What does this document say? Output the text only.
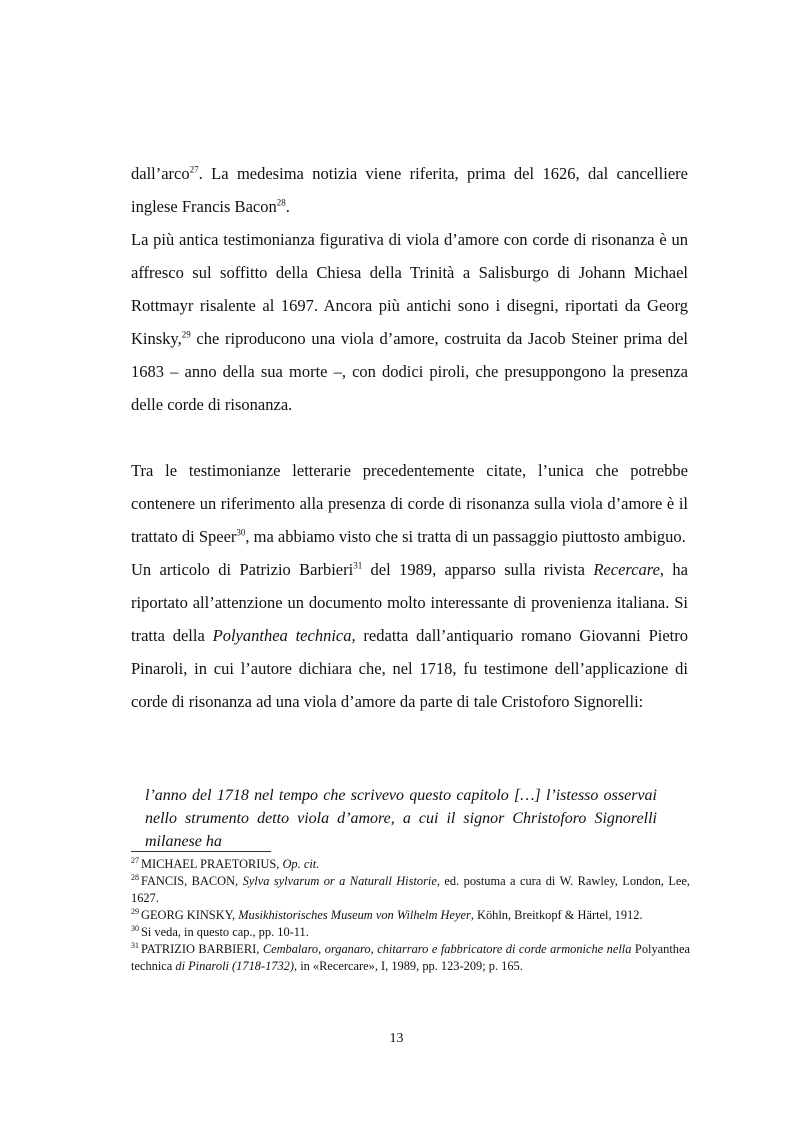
dall’arco$^{27}$. La medesima notizia viene riferita, prima del 1626, dal cancelliere inglese Francis Bacon$^{28}$.

La più antica testimonianza figurativa di viola d’amore con corde di risonanza è un affresco sul soffitto della Chiesa della Trinità a Salisburgo di Johann Michael Rottmayr risalente al 1697. Ancora più antichi sono i disegni, riportati da Georg Kinsky,$^{29}$ che riproducono una viola d’amore, costruita da Jacob Steiner prima del 1683 – anno della sua morte –, con dodici piroli, che presuppongono la presenza delle corde di risonanza.

Tra le testimonianze letterarie precedentemente citate, l’unica che potrebbe contenere un riferimento alla presenza di corde di risonanza sulla viola d’amore è il trattato di Speer$^{30}$, ma abbiamo visto che si tratta di un passaggio piuttosto ambiguo.

Un articolo di Patrizio Barbieri$^{31}$ del 1989, apparso sulla rivista Recercare, ha riportato all’attenzione un documento molto interessante di provenienza italiana. Si tratta della Polyanthea technica, redatta dall’antiquario romano Giovanni Pietro Pinaroli, in cui l’autore dichiara che, nel 1718, fu testimone dell’applicazione di corde di risonanza ad una viola d’amore da parte di tale Cristoforo Signorelli:

l’anno del 1718 nel tempo che scrivevo questo capitolo […] l’istesso osservai nello strumento detto viola d’amore, a cui il signor Christoforo Signorelli milanese ha

$^{27}$ MICHAEL PRAETORIUS, Op. cit.

$^{28}$ FANCIS, BACON, Sylva sylvarum or a Naturall Historie, ed. postuma a cura di W. Rawley, London, Lee, 1627.

$^{29}$ GEORG KINSKY, Musikhistorisches Museum von Wilhelm Heyer, Köhln, Breitkopf & Härtel, 1912.

$^{30}$ Si veda, in questo cap., pp. 10-11.

$^{31}$ PATRIZIO BARBIERI, Cembalaro, organaro, chitarraro e fabbricatore di corde armoniche nella Polyanthea technica di Pinaroli (1718-1732), in «Recercare», I, 1989, pp. 123-209; p. 165.

13
